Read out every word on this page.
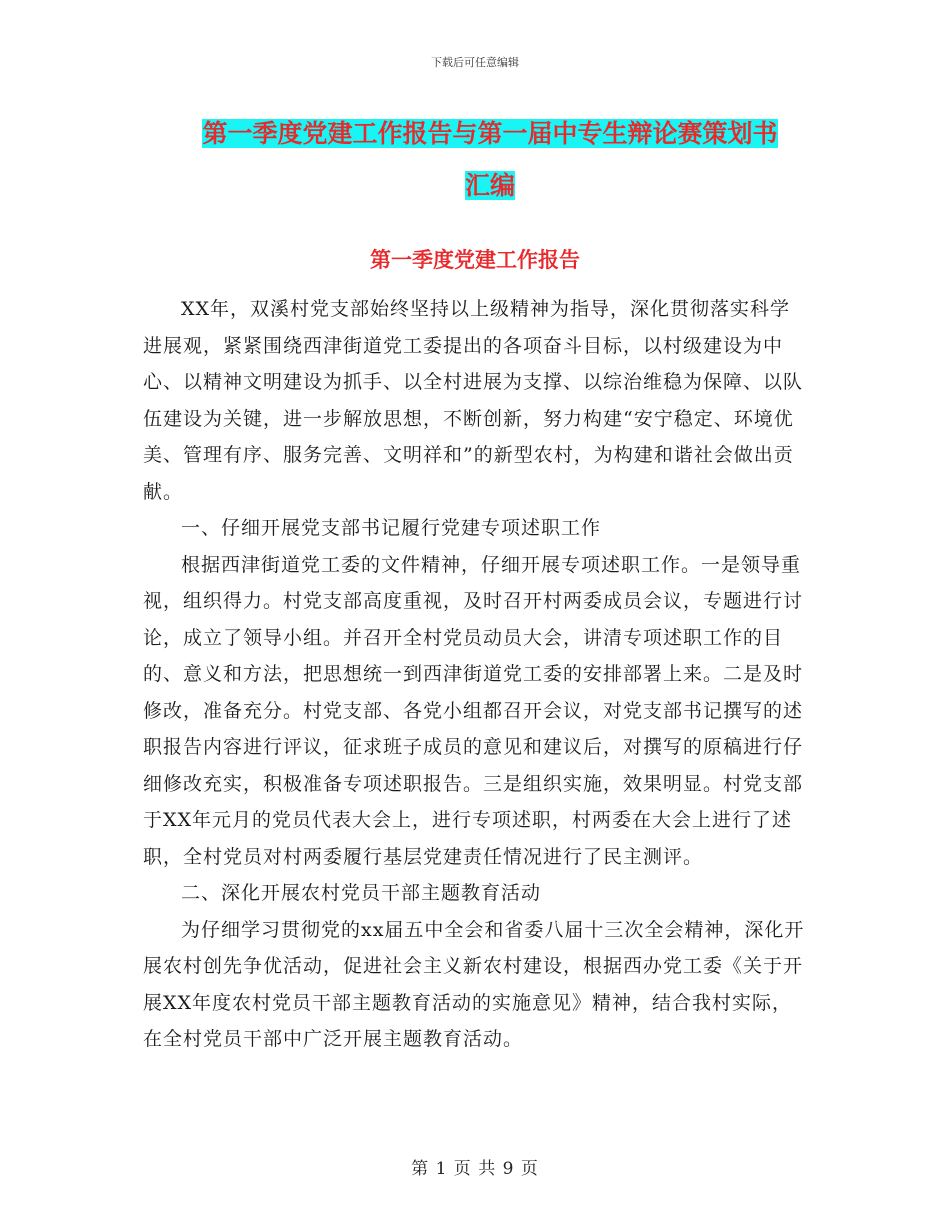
下载后可任意编辑
第一季度党建工作报告与第一届中专生辩论赛策划书
汇编
第一季度党建工作报告

XX年，双溪村党支部始终坚持以上级精神为指导，深化贯彻落实科学进展观，紧紧围绕西津街道党工委提出的各项奋斗目标，以村级建设为中心、以精神文明建设为抓手、以全村进展为支撑、以综治维稳为保障、以队伍建设为关键，进一步解放思想，不断创新，努力构建“安宁稳定、环境优美、管理有序、服务完善、文明祥和”的新型农村，为构建和谐社会做出贡献。

一、仔细开展党支部书记履行党建专项述职工作

根据西津街道党工委的文件精神，仔细开展专项述职工作。一是领导重视，组织得力。村党支部高度重视，及时召开村两委成员会议，专题进行讨论，成立了领导小组。并召开全村党员动员大会，讲清专项述职工作的目的、意义和方法，把思想统一到西津街道党工委的安排部署上来。二是及时修改，准备充分。村党支部、各党小组都召开会议，对党支部书记撰写的述职报告内容进行评议，征求班子成员的意见和建议后，对撰写的原稿进行仔细修改充实，积极准备专项述职报告。三是组织实施，效果明显。村党支部于XX年元月的党员代表大会上，进行专项述职，村两委在大会上进行了述职，全村党员对村两委履行基层党建责任情况进行了民主测评。

二、深化开展农村党员干部主题教育活动

为仔细学习贯彻党的xx届五中全会和省委八届十三次全会精神，深化开展农村创先争优活动，促进社会主义新农村建设，根据西办党工委《关于开展XX年度农村党员干部主题教育活动的实施意见》精神，结合我村实际，在全村党员干部中广泛开展主题教育活动。

第 1 页 共 9 页
